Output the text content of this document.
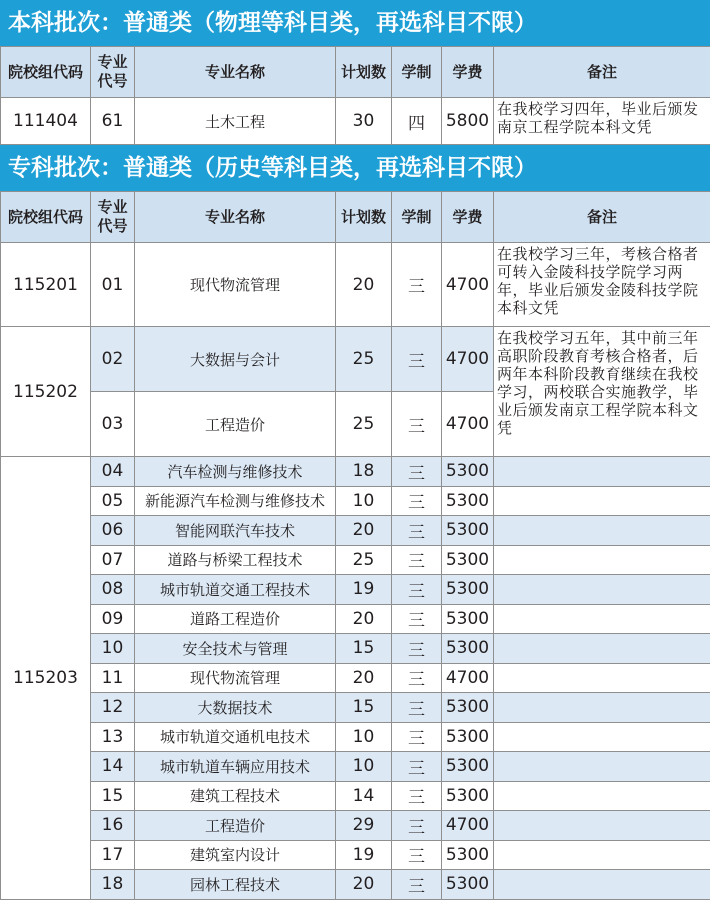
本科批次：普通类（物理等科目类，再选科目不限）
院校组代码	专业代号	专业名称	计划数	学制	学费	备注
111404	61	土木工程	30	四	5800	在我校学习四年，毕业后颁发南京工程学院本科文凭
专科批次：普通类（历史等科目类，再选科目不限）
院校组代码	专业代号	专业名称	计划数	学制	学费	备注
115201	01	现代物流管理	20	三	4700	在我校学习三年，考核合格者可转入金陵科技学院学习两年，毕业后颁发金陵科技学院本科文凭
115202	02	大数据与会计	25	三	4700	在我校学习五年，其中前三年高职阶段教育考核合格者，后两年本科阶段教育继续在我校学习，两校联合实施教学，毕业后颁发南京工程学院本科文凭
	03	工程造价	25	三	4700	
115203	04	汽车检测与维修技术	18	三	5300	
	05	新能源汽车检测与维修技术	10	三	5300	
	06	智能网联汽车技术	20	三	5300	
	07	道路与桥梁工程技术	25	三	5300	
	08	城市轨道交通工程技术	19	三	5300	
	09	道路工程造价	20	三	5300	
	10	安全技术与管理	15	三	5300	
	11	现代物流管理	20	三	4700	
	12	大数据技术	15	三	5300	
	13	城市轨道交通机电技术	10	三	5300	
	14	城市轨道车辆应用技术	10	三	5300	
	15	建筑工程技术	14	三	5300	
	16	工程造价	29	三	4700	
	17	建筑室内设计	19	三	5300	
	18	园林工程技术	20	三	5300	
